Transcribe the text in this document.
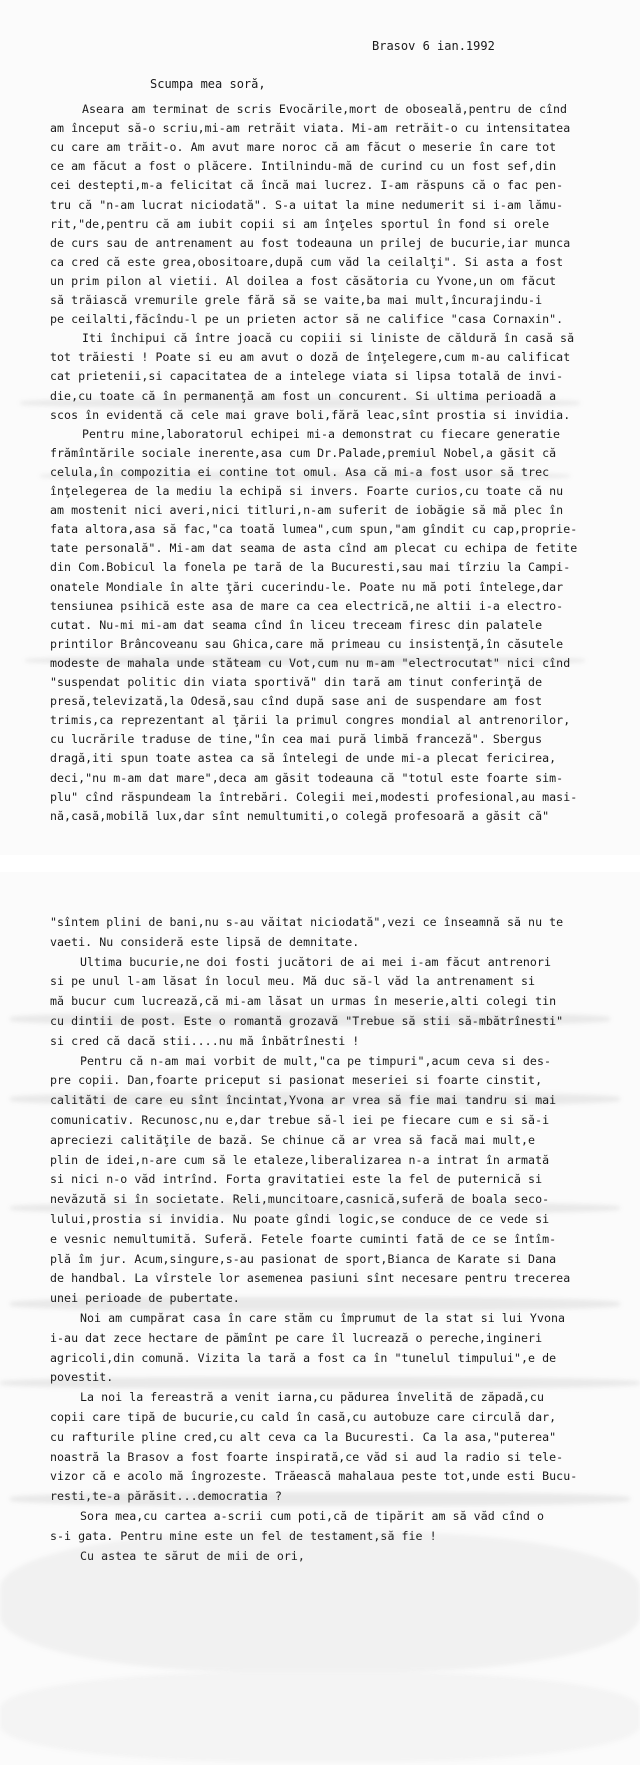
Brasov 6 ian.1992
Scumpa mea soră,
Aseara am terminat de scris Evocările,mort de oboseală,pentru de cînd
am început să-o scriu,mi-am retrăit viata. Mi-am retrăit-o cu intensitatea
cu care am trăit-o. Am avut mare noroc că am făcut o meserie în care tot
ce am făcut a fost o plăcere. Intilnindu-mă de curind cu un fost sef,din
cei destepti,m-a felicitat că încă mai lucrez. I-am răspuns că o fac pen-
tru că "n-am lucrat niciodată". S-a uitat la mine nedumerit si i-am lămu-
rit,"de,pentru că am iubit copii si am înţeles sportul în fond si orele
de curs sau de antrenament au fost todeauna un prilej de bucurie,iar munca
ca cred că este grea,obositoare,după cum văd la ceilalţi". Si asta a fost
un prim pilon al vietii. Al doilea a fost căsătoria cu Yvone,un om făcut
să trăiască vremurile grele fără să se vaite,ba mai mult,încurajindu-i
pe ceilalti,făcîndu-l pe un prieten actor să ne califice "casa Cornaxin".
Iti închipui că între joacă cu copiii si liniste de căldură în casă să
tot trăiesti ! Poate si eu am avut o doză de înţelegere,cum m-au calificat
cat prietenii,si capacitatea de a intelege viata si lipsa totală de invi-
die,cu toate că în permanenţă am fost un concurent. Si ultima perioadă a
scos în evidentă că cele mai grave boli,fără leac,sînt prostia si invidia.
Pentru mine,laboratorul echipei mi-a demonstrat cu fiecare generatie
frămîntările sociale inerente,asa cum Dr.Palade,premiul Nobel,a găsit că
celula,în compozitia ei contine tot omul. Asa că mi-a fost usor să trec
înţelegerea de la mediu la echipă si invers. Foarte curios,cu toate că nu
am mostenit nici averi,nici titluri,n-am suferit de iobăgie să mă plec în
fata altora,asa să fac,"ca toată lumea",cum spun,"am gîndit cu cap,proprie-
tate personală". Mi-am dat seama de asta cînd am plecat cu echipa de fetite
din Com.Bobicul la fonela pe tară de la Bucuresti,sau mai tîrziu la Campi-
onatele Mondiale în alte ţări cucerindu-le. Poate nu mă poti întelege,dar
tensiunea psihică este asa de mare ca cea electrică,ne altii i-a electro-
cutat. Nu-mi mi-am dat seama cînd în liceu treceam firesc din palatele
printilor Brâncoveanu sau Ghica,care mă primeau cu insistenţă,în căsutele
modeste de mahala unde stăteam cu Vot,cum nu m-am "electrocutat" nici cînd
"suspendat politic din viata sportivă" din tară am tinut conferinţă de
presă,televizată,la Odesă,sau cînd după sase ani de suspendare am fost
trimis,ca reprezentant al ţării la primul congres mondial al antrenorilor,
cu lucrările traduse de tine,"în cea mai pură limbă franceză". Sbergus
dragă,iti spun toate astea ca să întelegi de unde mi-a plecat fericirea,
deci,"nu m-am dat mare",deca am găsit todeauna că "totul este foarte sim-
plu" cînd răspundeam la întrebări. Colegii mei,modesti profesional,au masi-
nă,casă,mobilă lux,dar sînt nemultumiti,o colegă profesoară a găsit că"
"sîntem plini de bani,nu s-au văitat niciodată",vezi ce înseamnă să nu te
vaeti. Nu consideră este lipsă de demnitate.
Ultima bucurie,ne doi fosti jucători de ai mei i-am făcut antrenori
si pe unul l-am lăsat în locul meu. Mă duc să-l văd la antrenament si
mă bucur cum lucrează,că mi-am lăsat un urmas în meserie,alti colegi tin
cu dintii de post. Este o romantă grozavă "Trebue să stii să-mbătrînesti"
si cred că dacă stii....nu mă înbătrînesti !
Pentru că n-am mai vorbit de mult,"ca pe timpuri",acum ceva si des-
pre copii. Dan,foarte priceput si pasionat meseriei si foarte cinstit,
calităti de care eu sînt încintat,Yvona ar vrea să fie mai tandru si mai
comunicativ. Recunosc,nu e,dar trebue să-l iei pe fiecare cum e si să-i
apreciezi calităţile de bază. Se chinue că ar vrea să facă mai mult,e
plin de idei,n-are cum să le etaleze,liberalizarea n-a intrat în armată
si nici n-o văd intrînd. Forta gravitatiei este la fel de puternică si
nevăzută si în societate. Reli,muncitoare,casnică,suferă de boala seco-
lului,prostia si invidia. Nu poate gîndi logic,se conduce de ce vede si
e vesnic nemultumită. Suferă. Fetele foarte cuminti fată de ce se întîm-
plă îm jur. Acum,singure,s-au pasionat de sport,Bianca de Karate si Dana
de handbal. La vîrstele lor asemenea pasiuni sînt necesare pentru trecerea
unei perioade de pubertate.
Noi am cumpărat casa în care stăm cu împrumut de la stat si lui Yvona
i-au dat zece hectare de pămînt pe care îl lucrează o pereche,ingineri
agricoli,din comună. Vizita la tară a fost ca în "tunelul timpului",e de
povestit.
La noi la fereastră a venit iarna,cu pădurea învelită de zăpadă,cu
copii care tipă de bucurie,cu cald în casă,cu autobuze care circulă dar,
cu rafturile pline cred,cu alt ceva ca la Bucuresti. Ca la asa,"puterea"
noastră la Brasov a fost foarte inspirată,ce văd si aud la radio si tele-
vizor că e acolo mă îngrozeste. Trăească mahalaua peste tot,unde esti Bucu-
resti,te-a părăsit...democratia ?
Sora mea,cu cartea a-scrii cum poti,că de tipărit am să văd cînd o
s-i gata. Pentru mine este un fel de testament,să fie !
Cu astea te sărut de mii de ori,
